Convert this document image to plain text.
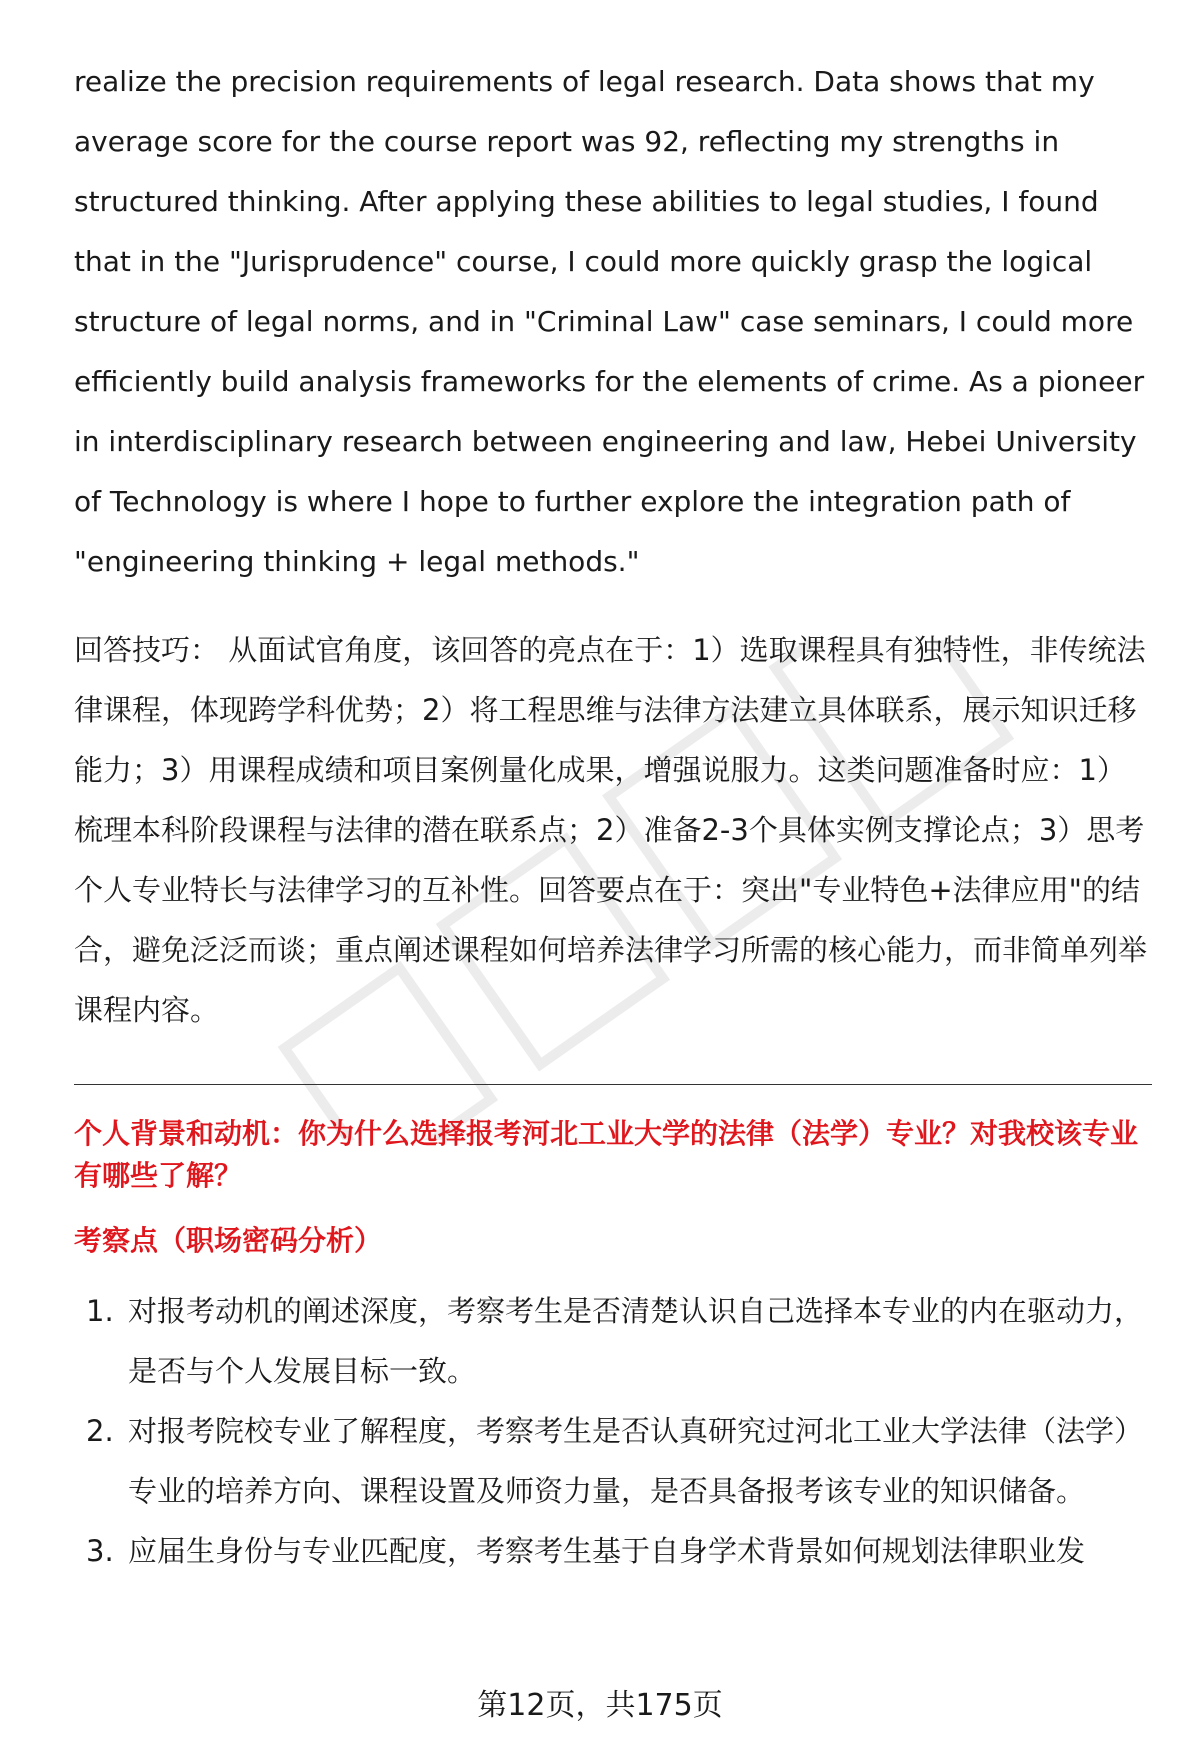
realize the precision requirements of legal research. Data shows that my average score for the course report was 92, reflecting my strengths in structured thinking. After applying these abilities to legal studies, I found that in the "Jurisprudence" course, I could more quickly grasp the logical structure of legal norms, and in "Criminal Law" case seminars, I could more efficiently build analysis frameworks for the elements of crime. As a pioneer in interdisciplinary research between engineering and law, Hebei University of Technology is where I hope to further explore the integration path of "engineering thinking + legal methods."

回答技巧： 从面试官角度，该回答的亮点在于：1）选取课程具有独特性，非传统法律课程，体现跨学科优势；2）将工程思维与法律方法建立具体联系，展示知识迁移能力；3）用课程成绩和项目案例量化成果，增强说服力。这类问题准备时应：1）梳理本科阶段课程与法律的潜在联系点；2）准备2-3个具体实例支撑论点；3）思考个人专业特长与法律学习的互补性。回答要点在于：突出"专业特色+法律应用"的结合，避免泛泛而谈；重点阐述课程如何培养法律学习所需的核心能力，而非简单列举课程内容。

个人背景和动机：你为什么选择报考河北工业大学的法律（法学）专业？对我校该专业有哪些了解？

考察点（职场密码分析）

1. 对报考动机的阐述深度，考察考生是否清楚认识自己选择本专业的内在驱动力，是否与个人发展目标一致。
2. 对报考院校专业了解程度，考察考生是否认真研究过河北工业大学法律（法学）专业的培养方向、课程设置及师资力量，是否具备报考该专业的知识储备。
3. 应届生身份与专业匹配度，考察考生基于自身学术背景如何规划法律职业发
第12页，共175页
